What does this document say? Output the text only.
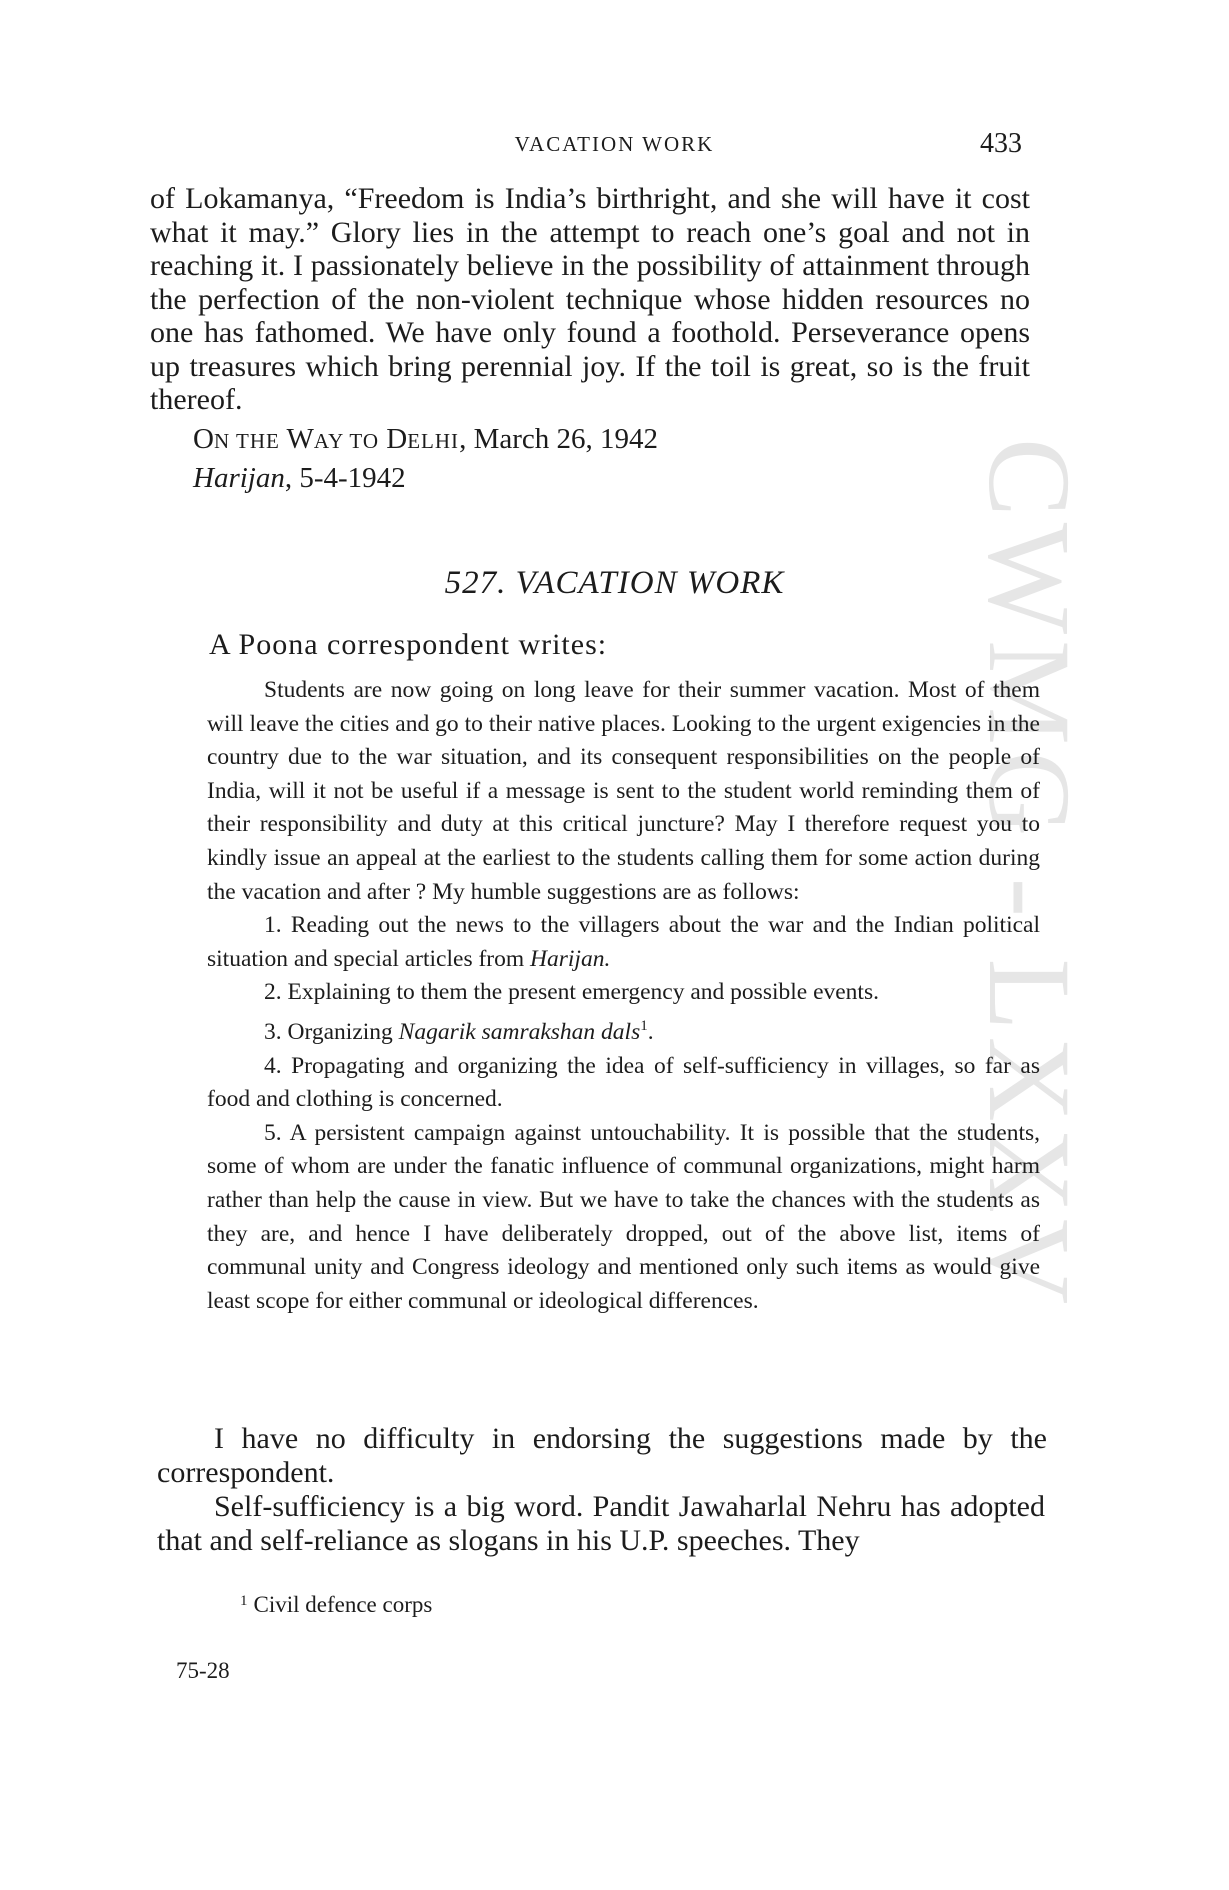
CWMG - LXXV
VACATION WORK	433
of Lokamanya, “Freedom is India’s birthright, and she will have it cost what it may.” Glory lies in the attempt to reach one’s goal and not in reaching it. I passionately believe in the possibility of attainment through the perfection of the non-violent technique whose hidden resources no one has fathomed. We have only found a foothold. Perseverance opens up treasures which bring perennial joy. If the toil is great, so is the fruit thereof.
ON THE WAY TO DELHI, March 26, 1942
Harijan, 5-4-1942
527. VACATION WORK
A Poona correspondent writes:

Students are now going on long leave for their summer vacation. Most of them will leave the cities and go to their native places. Looking to the urgent exigencies in the country due to the war situation, and its consequent responsibilities on the people of India, will it not be useful if a message is sent to the student world reminding them of their responsibility and duty at this critical juncture? May I therefore request you to kindly issue an appeal at the earliest to the students calling them for some action during the vacation and after ? My humble suggestions are as follows:

1. Reading out the news to the villagers about the war and the Indian political situation and special articles from Harijan.

2. Explaining to them the present emergency and possible events.

3. Organizing Nagarik samrakshan dals$^1$.

4. Propagating and organizing the idea of self-sufficiency in villages, so far as food and clothing is concerned.

5. A persistent campaign against untouchability. It is possible that the students, some of whom are under the fanatic influence of communal organizations, might harm rather than help the cause in view. But we have to take the chances with the students as they are, and hence I have deliberately dropped, out of the above list, items of communal unity and Congress ideology and mentioned only such items as would give least scope for either communal or ideological differences.

I have no difficulty in endorsing the suggestions made by the correspondent.
Self-sufficiency is a big word. Pandit Jawaharlal Nehru has adopted that and self-reliance as slogans in his U.P. speeches. They
$^1$ Civil defence corps
75-28
